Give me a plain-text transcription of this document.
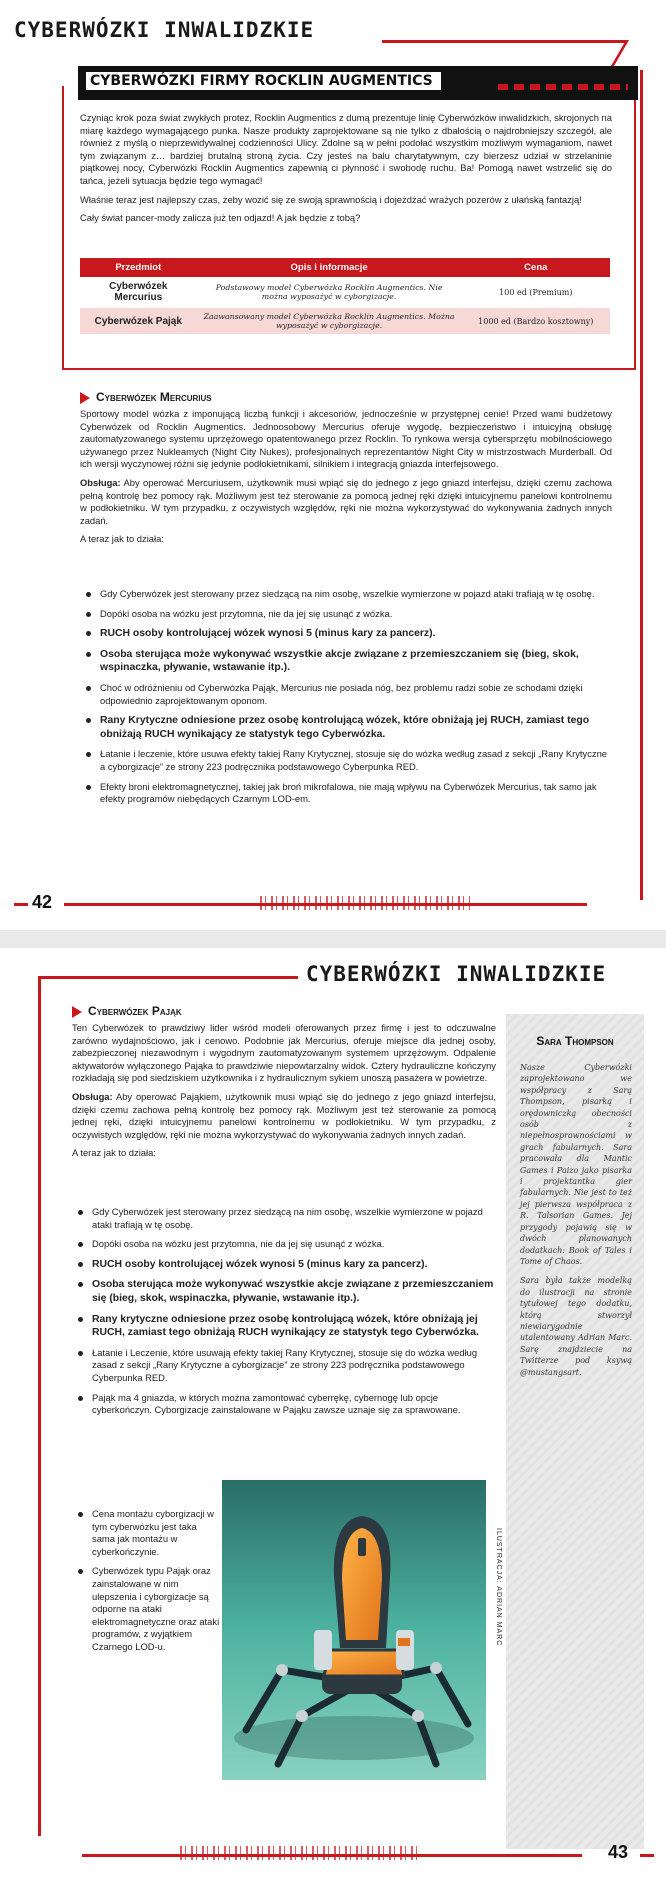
CYBERWÓZKI INWALIDZKIE
CYBERWÓZKI FIRMY ROCKLIN AUGMENTICS

Czyniąc krok poza świat zwykłych protez, Rocklin Augmentics z dumą prezentuje linię Cyberwózków inwalidzkich, skrojonych na miarę każdego wymagającego punka. Nasze produkty zaprojektowane są nie tylko z dbałością o najdrobniejszy szczegół, ale również z myślą o nieprzewidywalnej codzienności Ulicy. Zdolne są w pełni podołać wszystkim możliwym wymaganiom, nawet tym związanym z… bardziej brutalną stroną życia. Czy jesteś na balu charytatywnym, czy bierzesz udział w strzelaninie piątkowej nocy, Cyberwózki Rocklin Augmentics zapewnią ci płynność i swobodę ruchu. Ba! Pomogą nawet wstrzelić się do tańca, jeżeli sytuacja będzie tego wymagać!

Właśnie teraz jest najlepszy czas, żeby wozić się ze swoją sprawnością i dojeżdżać wrażych pozerów z ułańską fantazją!

Cały świat pancer-mody zalicza już ten odjazd! A jak będzie z tobą?

Przedmiot	Opis i informacje	Cena
Cyberwózek Mercurius	Podstawowy model Cyberwózka Rocklin Augmentics. Nie można wyposażyć w cyborgizacje.	100 ed (Premium)
Cyberwózek Pająk	Zaawansowany model Cyberwózka Rocklin Augmentics. Można wyposażyć w cyborgizacje.	1000 ed (Bardzo kosztowny)
Cyberwózek Mercurius

Sportowy model wózka z imponującą liczbą funkcji i akcesoriów, jednocześnie w przystępnej cenie! Przed wami budżetowy Cyberwózek od Rocklin Augmentics. Jednoosobowy Mercurius oferuje wygodę, bezpieczeństwo i intuicyjną obsługę zautomatyzowanego systemu uprzężowego opatentowanego przez Rocklin. To rynkowa wersja cybersprzętu mobilnościowego używanego przez Nukleamych (Night City Nukes), profesjonalnych reprezentantów Night City w mistrzostwach Murderball. Od ich wersji wyczynowej różni się jedynie podłokietnikami, silnikiem i integracją gniazda interfejsowego.

Obsługa: Aby operować Mercuriusem, użytkownik musi wpiąć się do jednego z jego gniazd interfejsu, dzięki czemu zachowa pełną kontrolę bez pomocy rąk. Możliwym jest też sterowanie za pomocą jednej ręki dzięki intuicyjnemu panelowi kontrolnemu w podłokietniku. W tym przypadku, z oczywistych względów, ręki nie można wykorzystywać do wykonywania żadnych innych zadań.

A teraz jak to działa:

Gdy Cyberwózek jest sterowany przez siedzącą na nim osobę, wszelkie wymierzone w pojazd ataki trafiają w tę osobę.
Dopóki osoba na wózku jest przytomna, nie da jej się usunąć z wózka.
RUCH osoby kontrolującej wózek wynosi 5 (minus kary za pancerz).
Osoba sterująca może wykonywać wszystkie akcje związane z przemieszczaniem się (bieg, skok, wspinaczka, pływanie, wstawanie itp.).
Choć w odróżnieniu od Cyberwózka Pająk, Mercurius nie posiada nóg, bez problemu radzi sobie ze schodami dzięki odpowiednio zaprojektowanym oponom.
Rany Krytyczne odniesione przez osobę kontrolującą wózek, które obniżają jej RUCH, zamiast tego obniżają RUCH wynikający ze statystyk tego Cyberwózka.
Łatanie i leczenie, które usuwa efekty takiej Rany Krytycznej, stosuje się do wózka według zasad z sekcji „Rany Krytyczne a cyborgizacje” ze strony 223 podręcznika podstawowego Cyberpunka RED.
Efekty broni elektromagnetycznej, takiej jak broń mikrofalowa, nie mają wpływu na Cyberwózek Mercurius, tak samo jak efekty programów niebędących Czarnym LOD-em.
42
CYBERWÓZKI INWALIDZKIE
Cyberwózek Pająk

Ten Cyberwózek to prawdziwy lider wśród modeli oferowanych przez firmę i jest to odczuwalne zarówno wydajnościowo, jak i cenowo. Podobnie jak Mercurius, oferuje miejsce dla jednej osoby, zabezpieczonej niezawodnym i wygodnym zautomatyzowanym systemem uprzężowym. Odpalenie aktywatorów wyłączonego Pająka to prawdziwie niepowtarzalny widok. Cztery hydrauliczne kończyny rozkładają się pod siedziskiem użytkownika i z hydraulicznym sykiem unoszą pasażera w powietrze.

Obsługa: Aby operować Pająkiem, użytkownik musi wpiąć się do jednego z jego gniazd interfejsu, dzięki czemu zachowa pełną kontrolę bez pomocy rąk. Możliwym jest też sterowanie za pomocą jednej ręki, dzięki intuicyjnemu panelowi kontrolnemu w podłokietniku. W tym przypadku, z oczywistych względów, ręki nie można wykorzystywać do wykonywania żadnych innych zadań.

A teraz jak to działa:

Gdy Cyberwózek jest sterowany przez siedzącą na nim osobę, wszelkie wymierzone w pojazd ataki trafiają w tę osobę.
Dopóki osoba na wózku jest przytomna, nie da jej się usunąć z wózka.
RUCH osoby kontrolującej wózek wynosi 5 (minus kary za pancerz).
Osoba sterująca może wykonywać wszystkie akcje związane z przemieszczaniem się (bieg, skok, wspinaczka, pływanie, wstawanie itp.).
Rany krytyczne odniesione przez osobę kontrolującą wózek, które obniżają jej RUCH, zamiast tego obniżają RUCH wynikający ze statystyk tego Cyberwózka.
Łatanie i Leczenie, które usuwają efekty takiej Rany Krytycznej, stosuje się do wózka według zasad z sekcji „Rany Krytyczne a cyborgizacje” ze strony 223 podręcznika podstawowego Cyberpunka RED.
Pająk ma 4 gniazda, w których można zamontować cyberrękę, cybernogę lub opcje cyberkończyn. Cyborgizacje zainstalowane w Pająku zawsze uznaje się za sprawowane.
Cena montażu cyborgizacji w tym cyberwózku jest taka sama jak montażu w cyberkończynie.
Cyberwózek typu Pająk oraz zainstalowane w nim ulepszenia i cyborgizacje są odporne na ataki elektromagnetyczne oraz ataki programów, z wyjątkiem Czarnego LOD-u.
ILUSTRACJA: ADRIAN MARC
Sara Thompson

Nasze Cyberwózki zaprojektowano we współpracy z Sarą Thompson, pisarką i orędowniczką obecności osób z niepełnosprawnościami w grach fabularnych. Sara pracowała dla Mantic Games i Paizo jako pisarka i projektantka gier fabularnych. Nie jest to też jej pierwsza współpraca z R. Talsorian Games. Jej przygody pojawią się w dwóch planowanych dodatkach: Book of Tales i Tome of Chaos.

Sara była także modelką do ilustracji na stronie tytułowej tego dodatku, którą stworzył niewiarygodnie utalentowany Adrian Marc. Sarę znajdziecie na Twitterze pod ksywą @mustangsart.

43
